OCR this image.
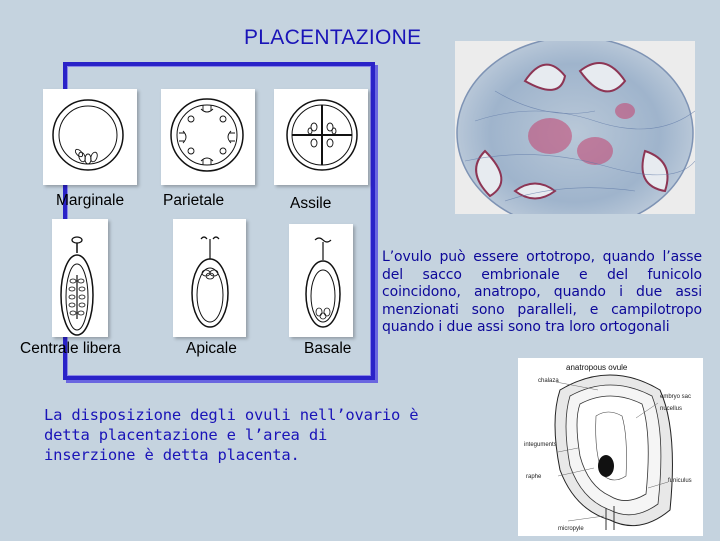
PLACENTAZIONE
Marginale	Parietale	Assile
Centrale libera	Apicale	Basale
L’ovulo può essere ortotropo, quando l’asse del sacco embrionale e del funicolo coincidono, anatropo, quando i due assi menzionati sono paralleli, e campilotropo quando i due assi sono tra loro ortogonali
La disposizione degli ovuli nell’ovario è detta placentazione e l’area di inserzione è detta placenta.
anatropous ovule
chalaza
embryo sac
nucellus
integuments
raphe
funiculus
micropyle
